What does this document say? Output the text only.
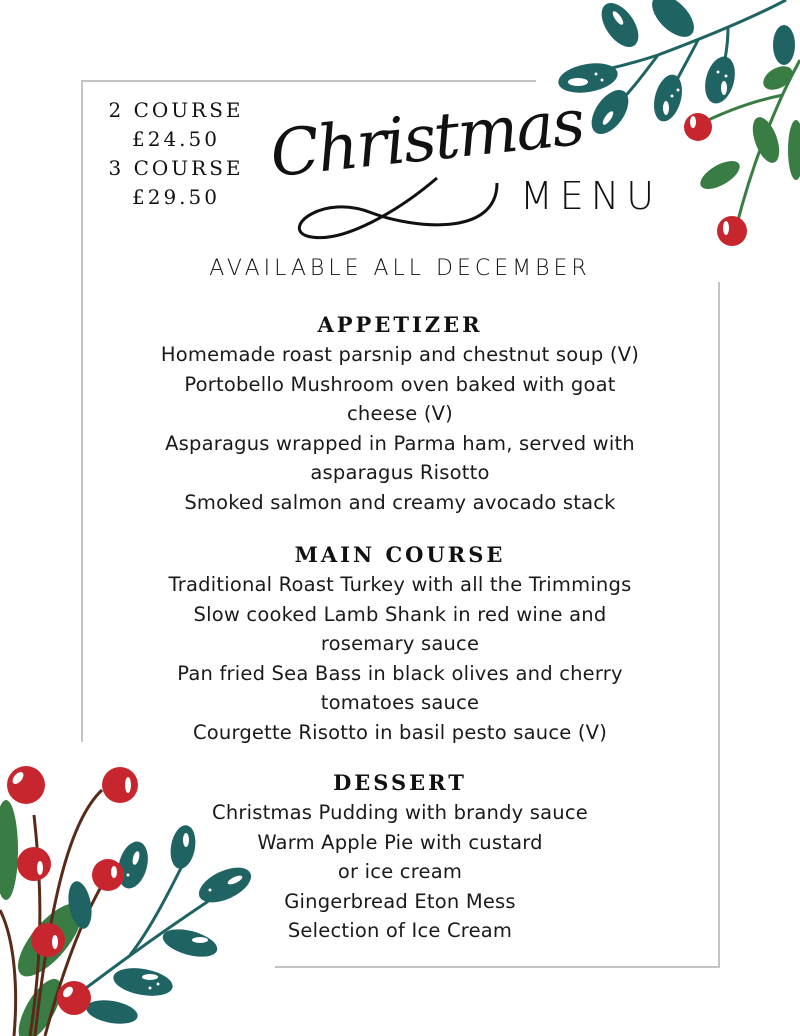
2 COURSE
£24.50
3 COURSE
£29.50
Christmas
MENU
AVAILABLE ALL DECEMBER
APPETIZER
Homemade roast parsnip and chestnut soup (V)
Portobello Mushroom oven baked with goat
cheese (V)
Asparagus wrapped in Parma ham, served with
asparagus Risotto
Smoked salmon and creamy avocado stack
MAIN COURSE
Traditional Roast Turkey with all the Trimmings
Slow cooked Lamb Shank in red wine and
rosemary sauce
Pan fried Sea Bass in black olives and cherry
tomatoes sauce
Courgette Risotto in basil pesto sauce (V)
DESSERT
Christmas Pudding with brandy sauce
Warm Apple Pie with custard
or ice cream
Gingerbread Eton Mess
Selection of Ice Cream
